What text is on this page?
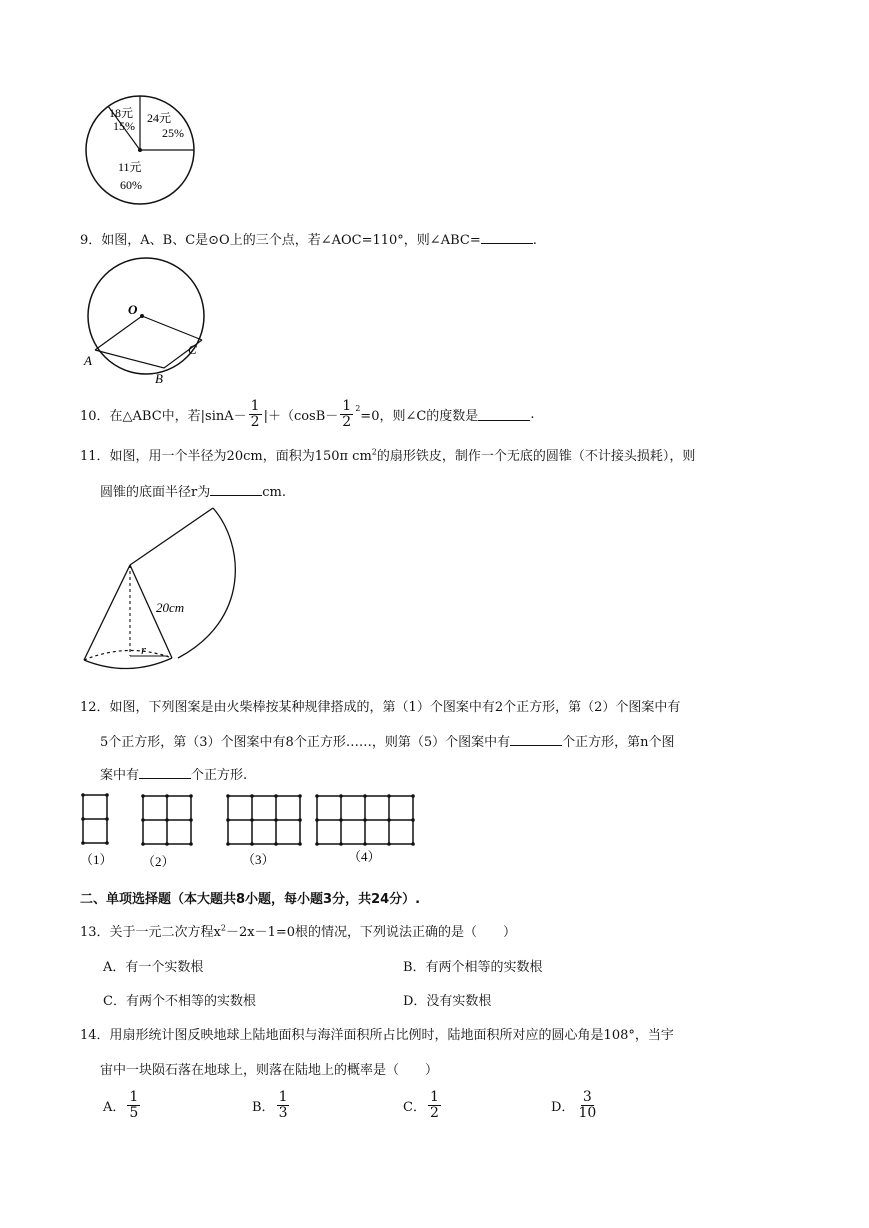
18元
15%
24元
25%
11元
60%
9．如图，A、B、C是⊙O上的三个点，若∠AOC=110°，则∠ABC=	.
O
A
B
C
10．在△ABC中，若$|\sin A- \frac{1}{2} |+(\cos B- \frac{1}{2} 2 =0$，则∠C的度数是	.
11．如图，用一个半径为20cm，面积为150π $cm^2$的扇形铁皮，制作一个无底的圆锥（不计接头损耗），则
圆锥的底面半径r为	cm.
20cm
r
12．如图，下列图案是由火柴棒按某种规律搭成的，第（1）个图案中有2个正方形，第（2）个图案中有
5个正方形，第（3）个图案中有8个正方形……，则第（5）个图案中有	个正方形，第n个图
案中有	个正方形.
（1） （2）	（3）	（4）
二、单项选择题（本大题共8小题，每小题3分，共24分）.
13．关于一元二次方程$x^2-2x-1=0$根的情况，下列说法正确的是（　　）
A．有一个实数根	B．有两个相等的实数根
C．有两个不相等的实数根	D．没有实数根
14．用扇形统计图反映地球上陆地面积与海洋面积所占比例时，陆地面积所对应的圆心角是108°，当宇
宙中一块陨石落在地球上，则落在陆地上的概率是（　　）
A． $\frac{1}{5}$	B． $\frac{1}{3}$	C． $\frac{1}{2}$	D． $\frac{3}{10}$
